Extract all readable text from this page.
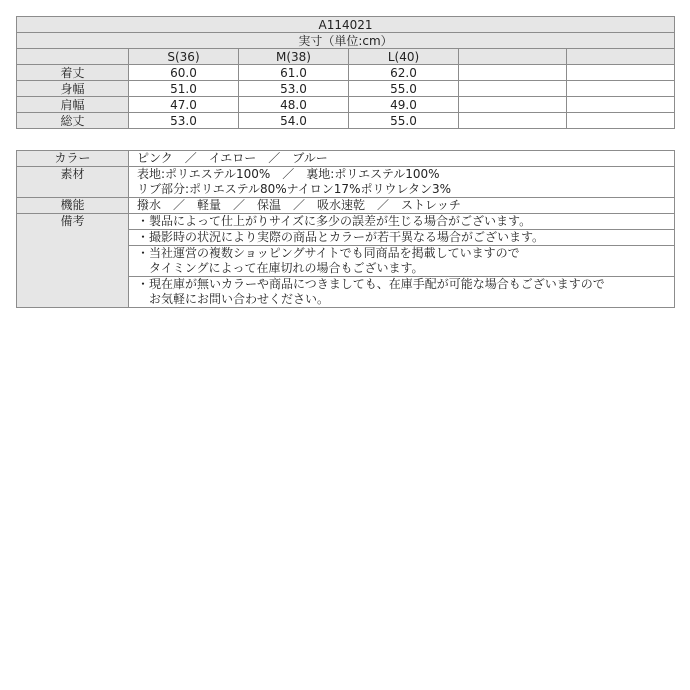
A114021					
実寸（単位:cm）					
	S(36)	M(38)	L(40)		
着丈	60.0	61.0	62.0		
身幅	51.0	53.0	55.0		
肩幅	47.0	48.0	49.0		
総丈	53.0	54.0	55.0		
カラー	ピンク　／　イエロー　／　ブルー

素材	表地:ポリエステル100%　／　裏地:ポリエステル100%
リブ部分:ポリエステル80%ナイロン17%ポリウレタン3%

機能	撥水　／　軽量　／　保温　／　吸水速乾　／　ストレッチ

備考	・製品によって仕上がりサイズに多少の誤差が生じる場合がございます。

	・撮影時の状況により実際の商品とカラーが若干異なる場合がございます。

	・当社運営の複数ショッピングサイトでも同商品を掲載していますので
　タイミングによって在庫切れの場合もございます。

	・現在庫が無いカラーや商品につきましても、在庫手配が可能な場合もございますので
　お気軽にお問い合わせください。
